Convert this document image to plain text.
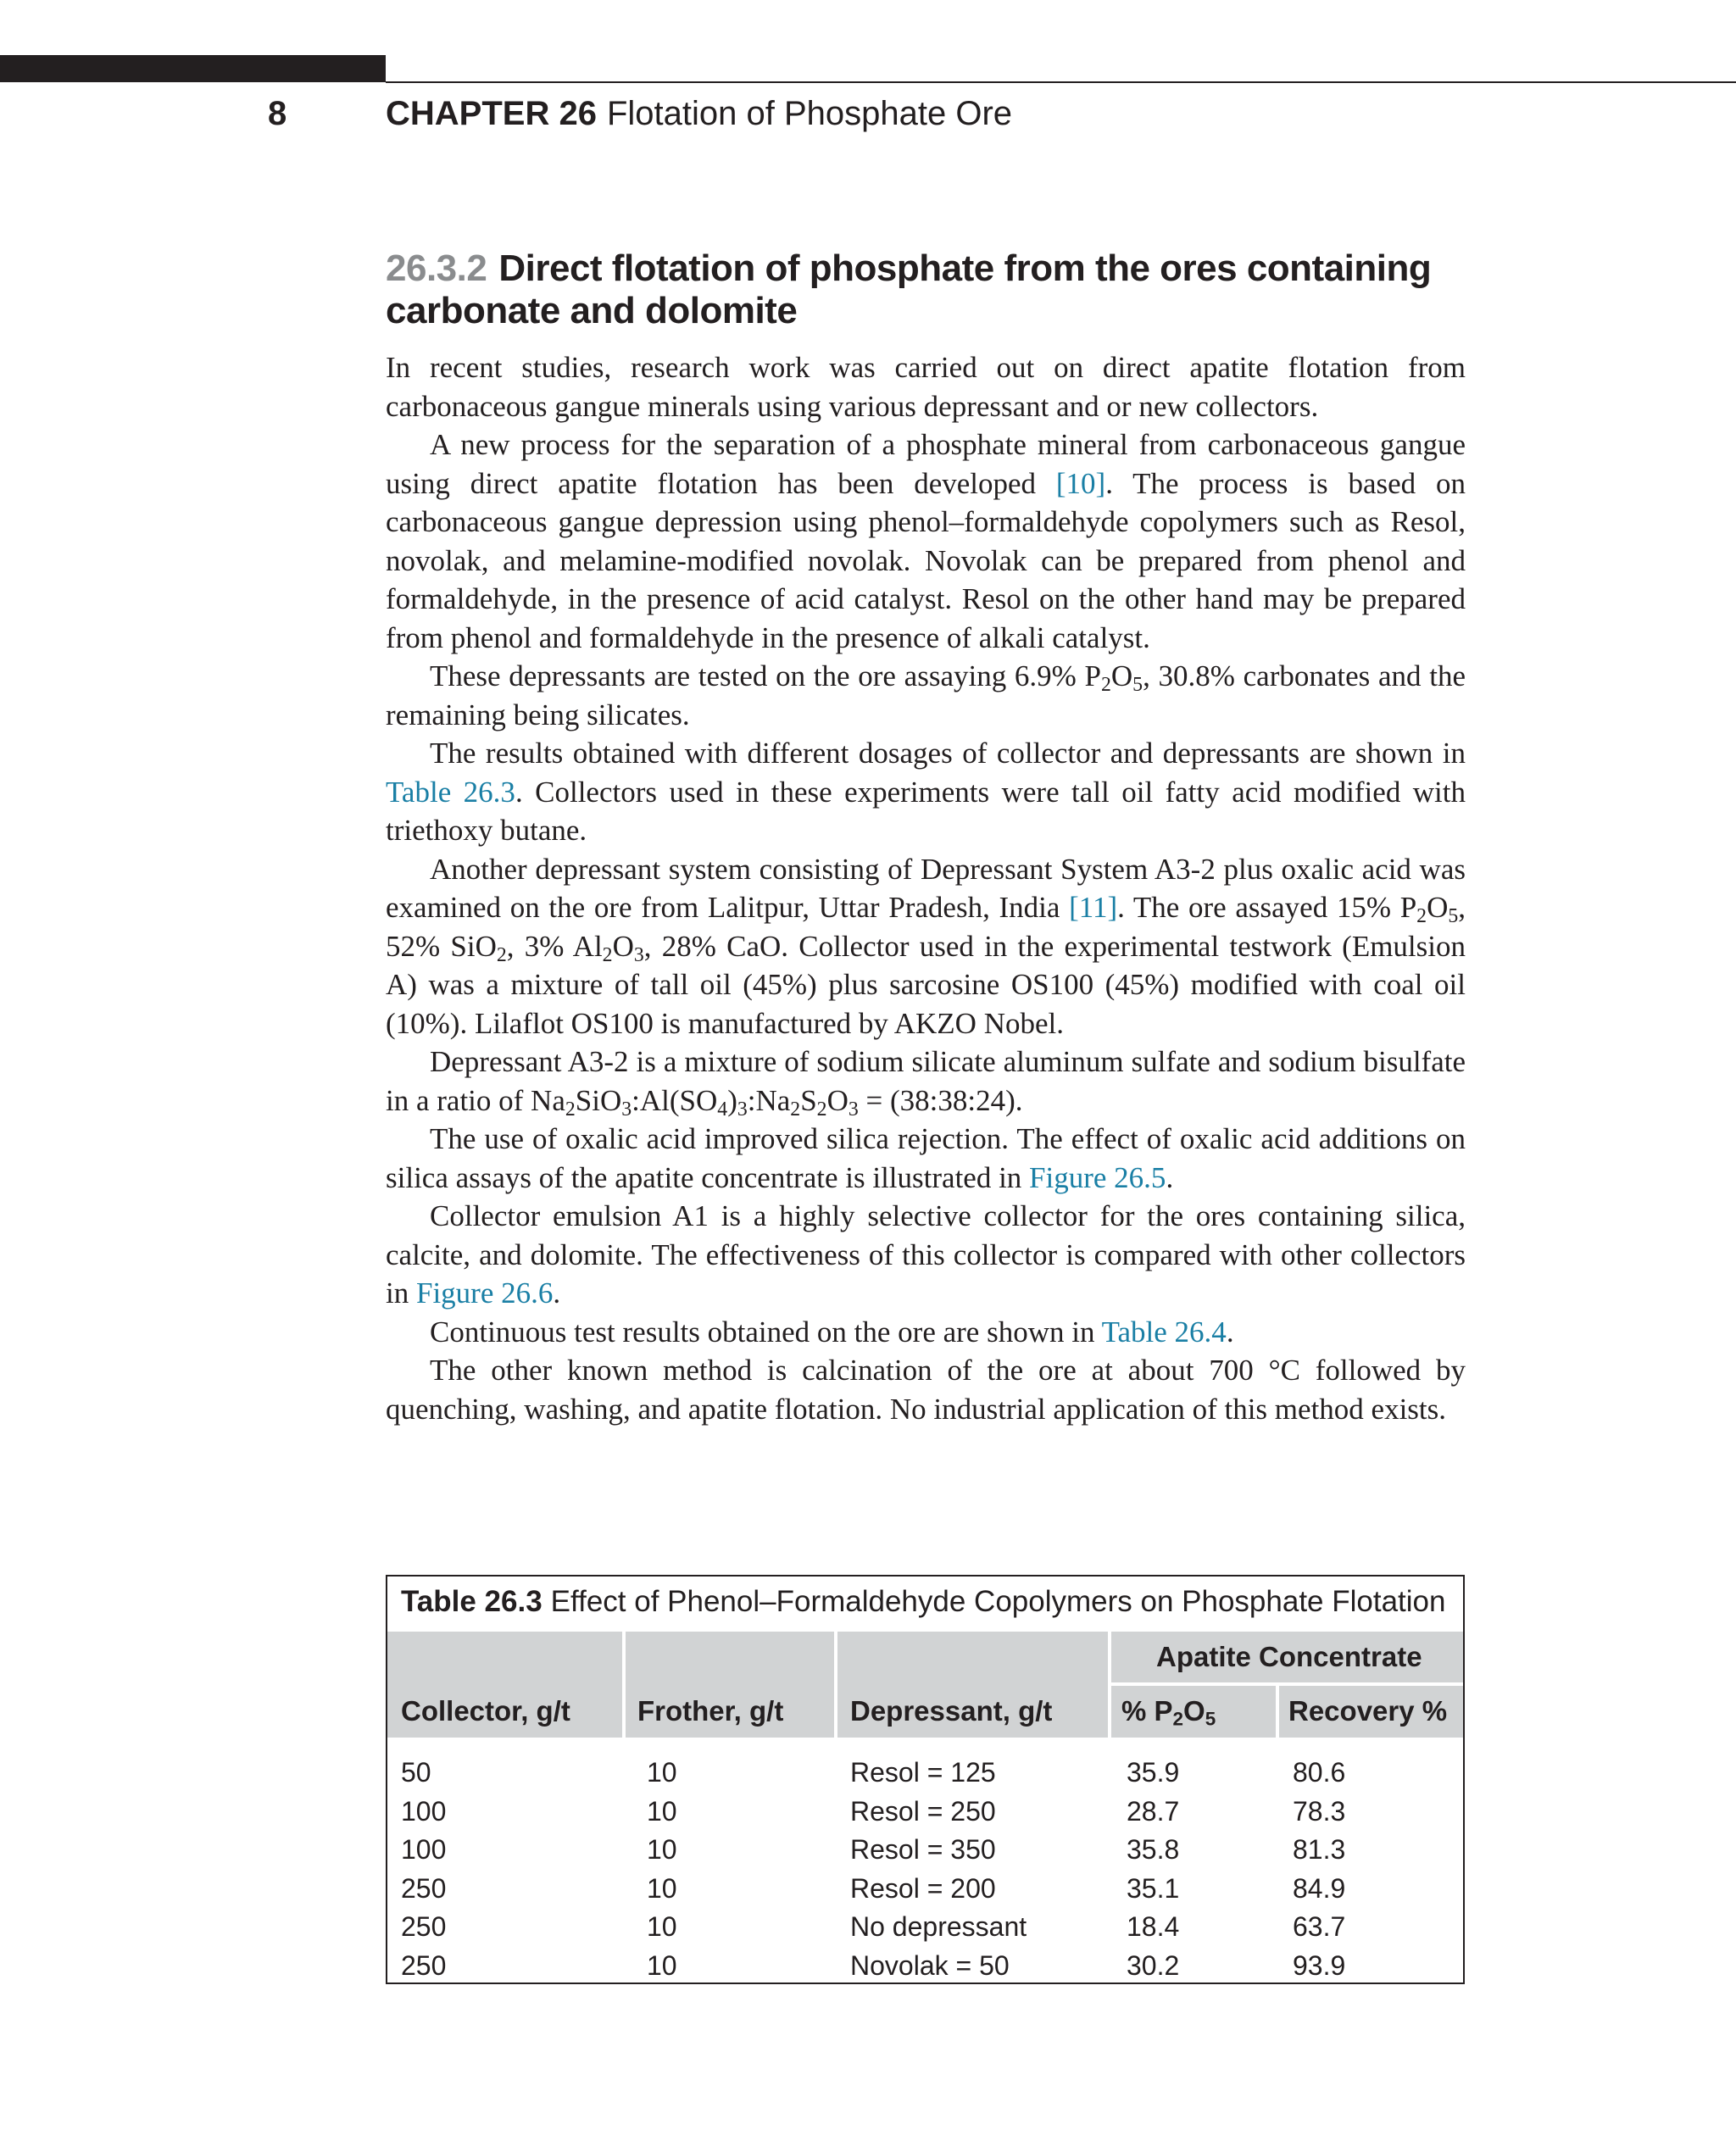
8	CHAPTER 26 Flotation of Phosphate Ore
26.3.2 Direct flotation of phosphate from the ores containing carbonate and dolomite

In recent studies, research work was carried out on direct apatite flotation from carbonaceous gangue minerals using various depressant and or new collectors.

A new process for the separation of a phosphate mineral from carbonaceous gangue using direct apatite flotation has been developed [10]. The process is based on carbonaceous gangue depression using phenol–formaldehyde copolymers such as Resol, novolak, and melamine-modified novolak. Novolak can be prepared from phenol and formaldehyde, in the presence of acid catalyst. Resol on the other hand may be prepared from phenol and formaldehyde in the presence of alkali catalyst.

These depressants are tested on the ore assaying 6.9% $P_2O_5$, 30.8% carbonates and the remaining being silicates.

The results obtained with different dosages of collector and depressants are shown in Table 26.3. Collectors used in these experiments were tall oil fatty acid modified with triethoxy butane.

Another depressant system consisting of Depressant System A3-2 plus oxalic acid was examined on the ore from Lalitpur, Uttar Pradesh, India [11]. The ore assayed 15% $P_2O_5$, 52% SiO$_2$, 3% $Al_2O_3$, 28% CaO. Collector used in the experimental testwork (Emulsion A) was a mixture of tall oil (45%) plus sarcosine OS100 (45%) modified with coal oil (10%). Lilaflot OS100 is manufactured by AKZO Nobel.

Depressant A3-2 is a mixture of sodium silicate aluminum sulfate and sodium bisulfate in a ratio of $Na_2SiO_3:Al(SO_4)_3:Na_2S_2O_3$ = (38:38:24).

The use of oxalic acid improved silica rejection. The effect of oxalic acid additions on silica assays of the apatite concentrate is illustrated in Figure 26.5.

Collector emulsion A1 is a highly selective collector for the ores containing silica, calcite, and dolomite. The effectiveness of this collector is compared with other collectors in Figure 26.6.

Continuous test results obtained on the ore are shown in Table 26.4.

The other known method is calcination of the ore at about 700 °C followed by quenching, washing, and apatite flotation. No industrial application of this method exists.

Table 26.3 Effect of Phenol–Formaldehyde Copolymers on Phosphate Flotation
Apatite Concentrate
Collector, g/t Frother, g/t Depressant, g/t % $P_2O_5$	Recovery %
50	10	Resol = 125	35.9	80.6
100	10	Resol = 250	28.7	78.3
100	10	Resol = 350	35.8	81.3
250	10	Resol = 200	35.1	84.9
250	10	No depressant	18.4	63.7
250	10	Novolak = 50	30.2	93.9
